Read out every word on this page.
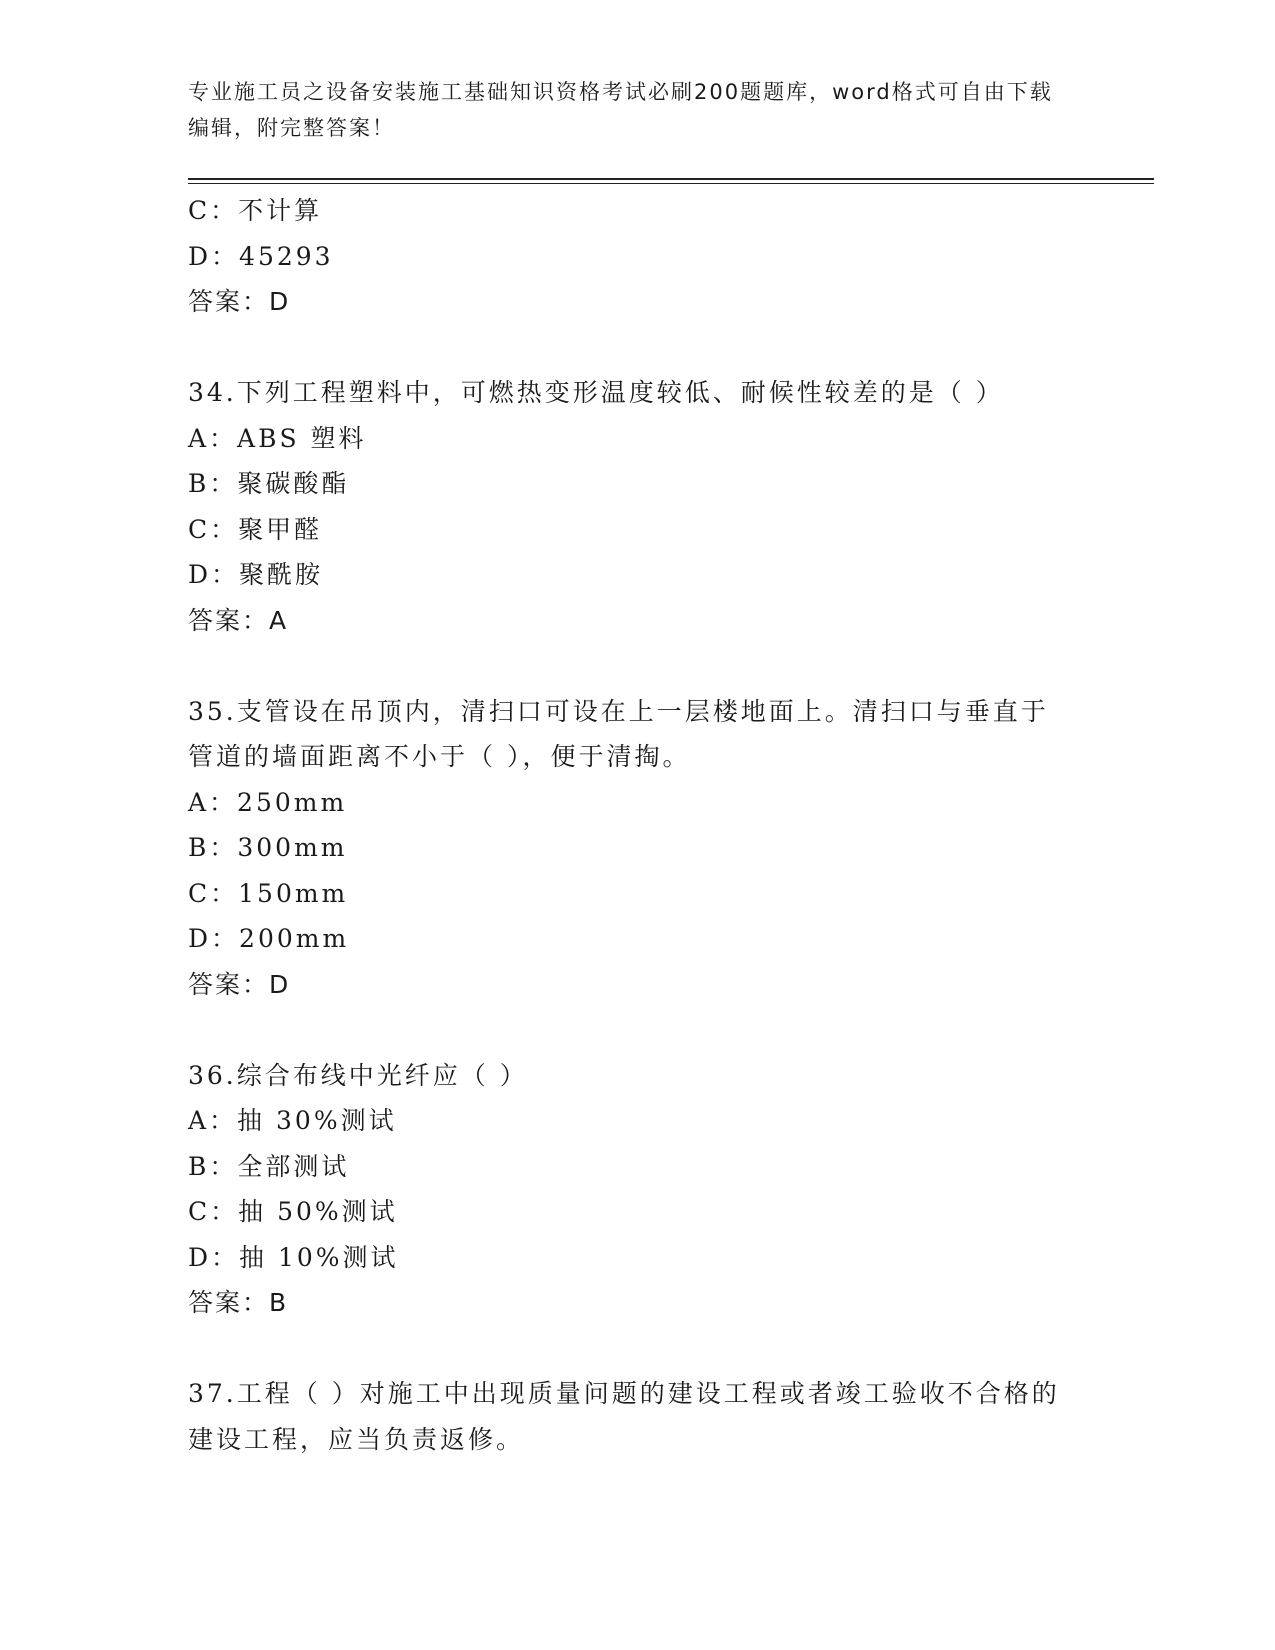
专业施工员之设备安装施工基础知识资格考试必刷200题题库，word格式可自由下载编辑，附完整答案！
C：不计算
D：45293
答案：D
34.下列工程塑料中，可燃热变形温度较低、耐候性较差的是（ ）
A：ABS 塑料
B：聚碳酸酯
C：聚甲醛
D：聚酰胺
答案：A
35.支管设在吊顶内，清扫口可设在上一层楼地面上。清扫口与垂直于管道的墙面距离不小于（ ），便于清掏。
A：250mm
B：300mm
C：150mm
D：200mm
答案：D
36.综合布线中光纤应（ ）
A：抽 30%测试
B：全部测试
C：抽 50%测试
D：抽 10%测试
答案：B
37.工程（ ）对施工中出现质量问题的建设工程或者竣工验收不合格的建设工程，应当负责返修。
